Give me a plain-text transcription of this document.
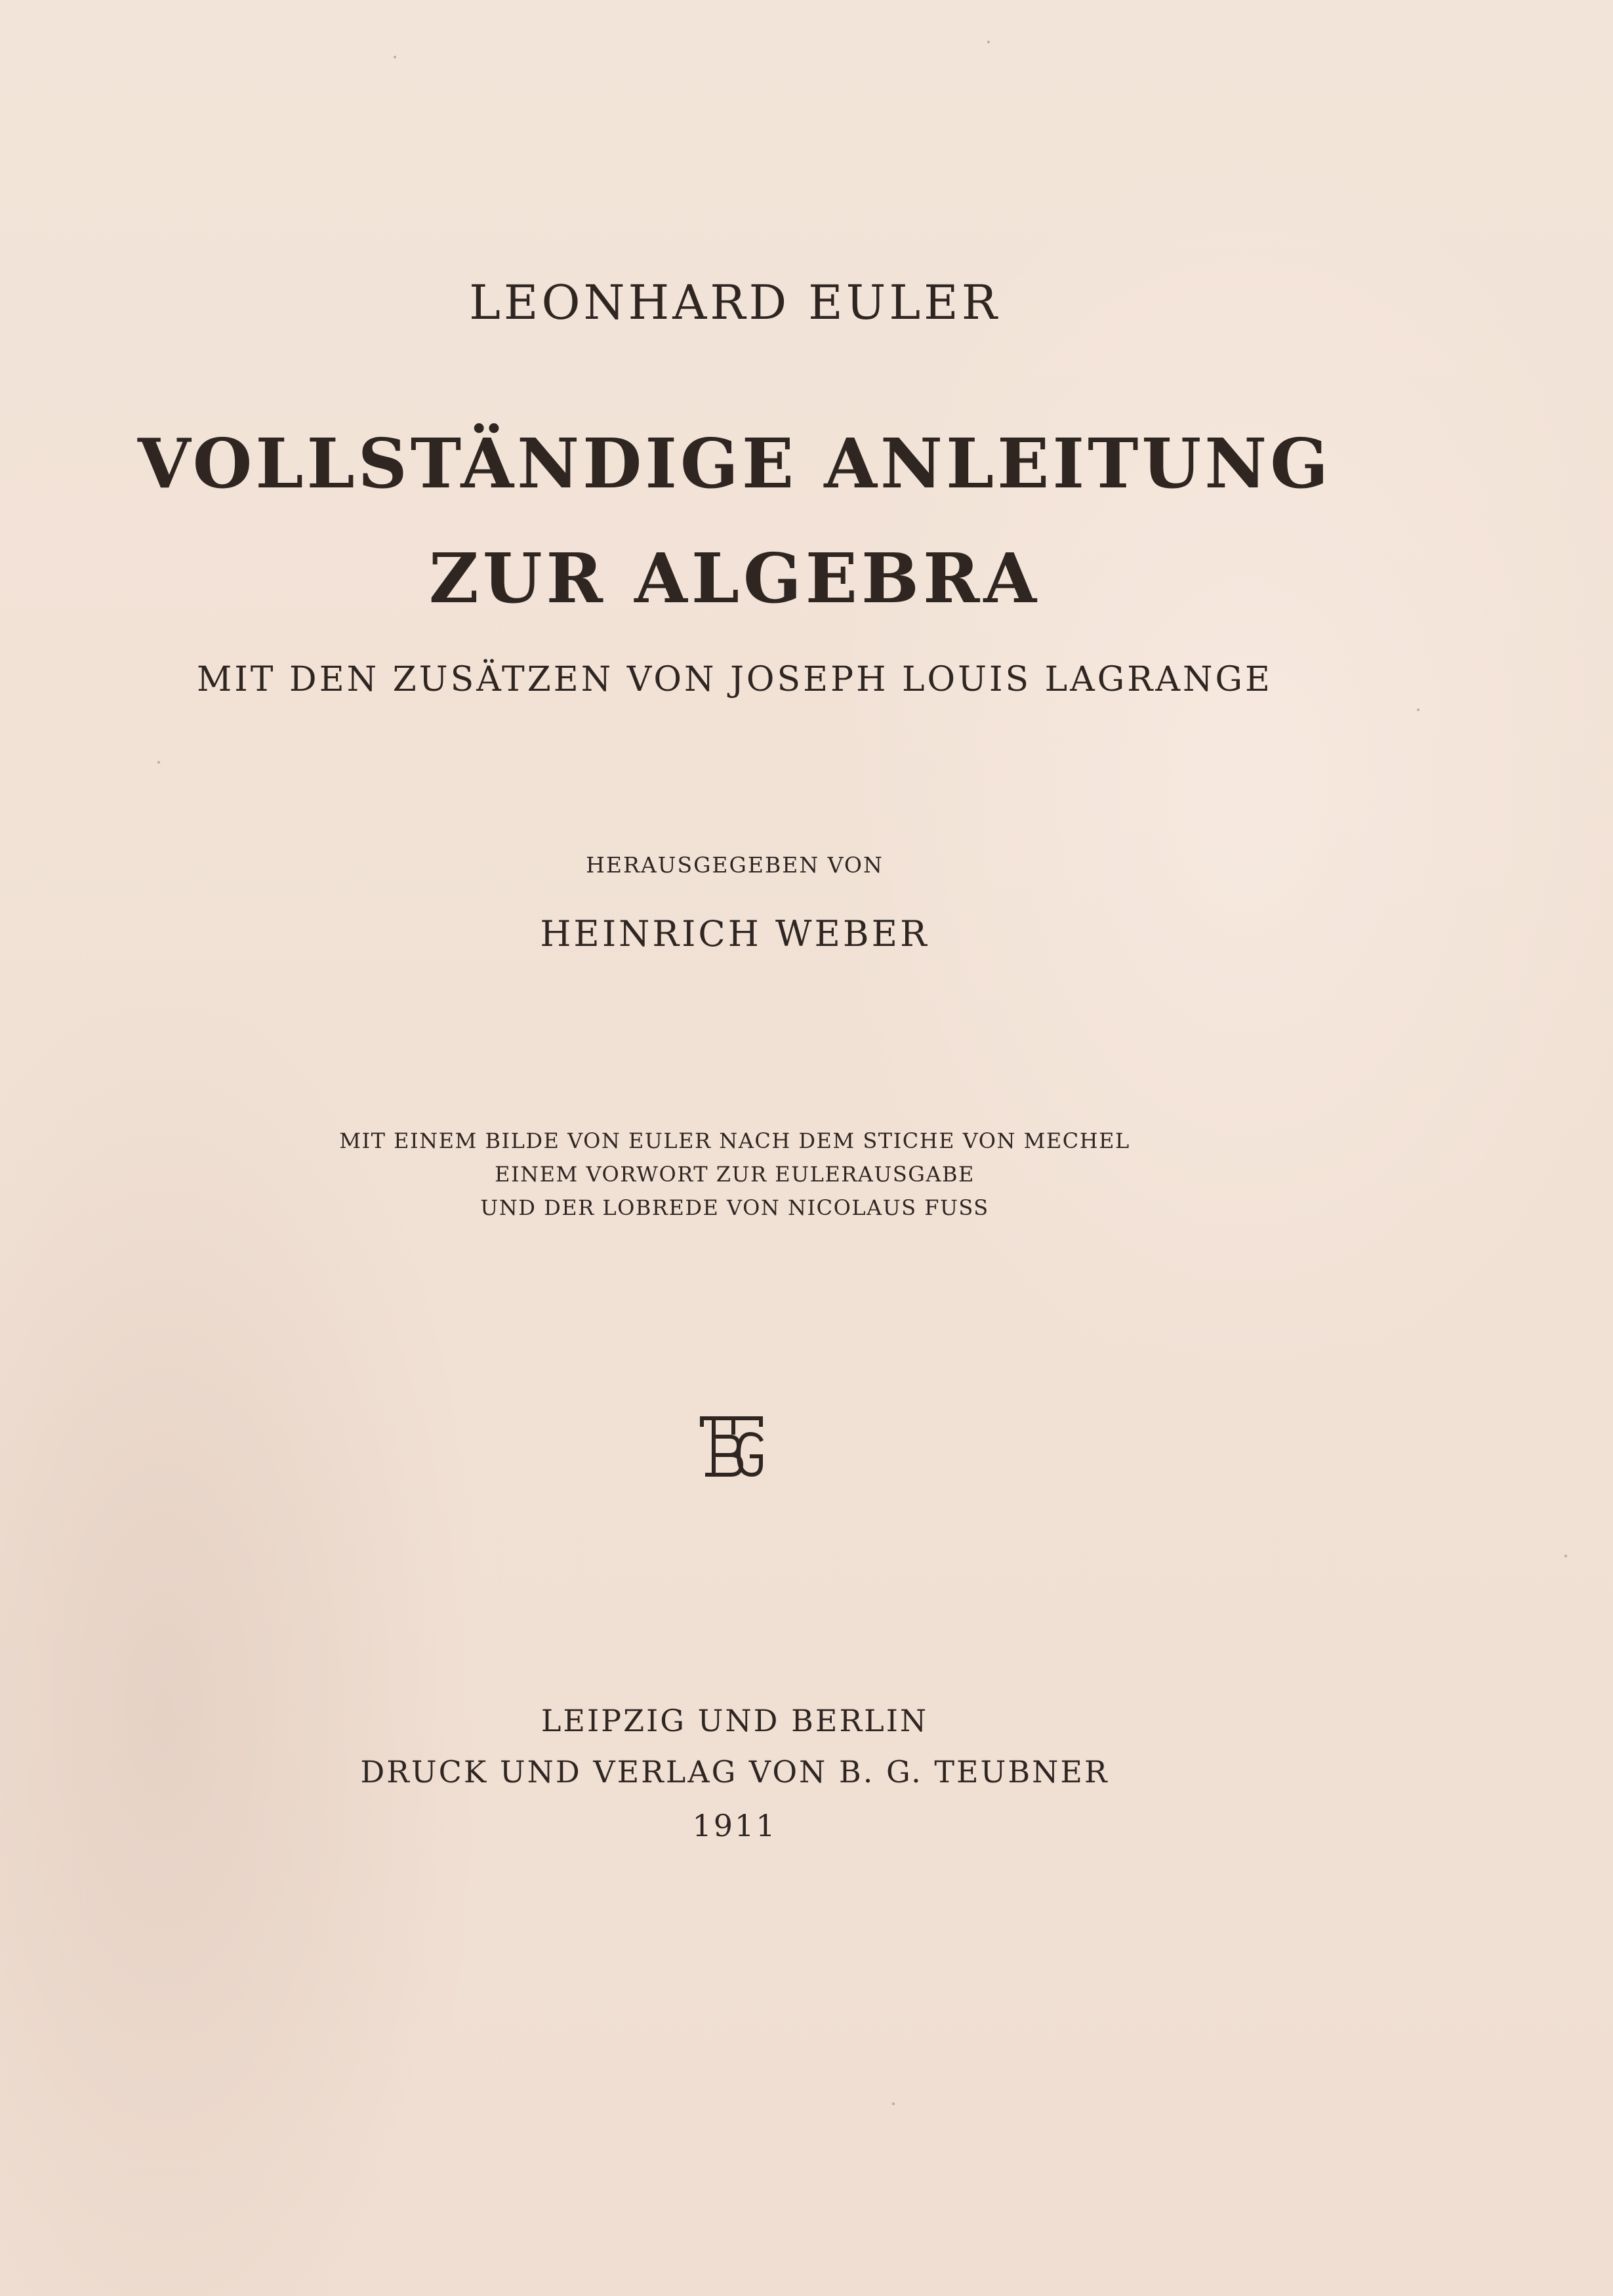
LEONHARD EULER
VOLLSTÄNDIGE ANLEITUNG
ZUR ALGEBRA
MIT DEN ZUSÄTZEN VON JOSEPH LOUIS LAGRANGE
HERAUSGEGEBEN VON
HEINRICH WEBER
MIT EINEM BILDE VON EULER NACH DEM STICHE VON MECHEL
EINEM VORWORT ZUR EULERAUSGABE
UND DER LOBREDE VON NICOLAUS FUSS
LEIPZIG UND BERLIN
DRUCK UND VERLAG VON B. G. TEUBNER
1911
